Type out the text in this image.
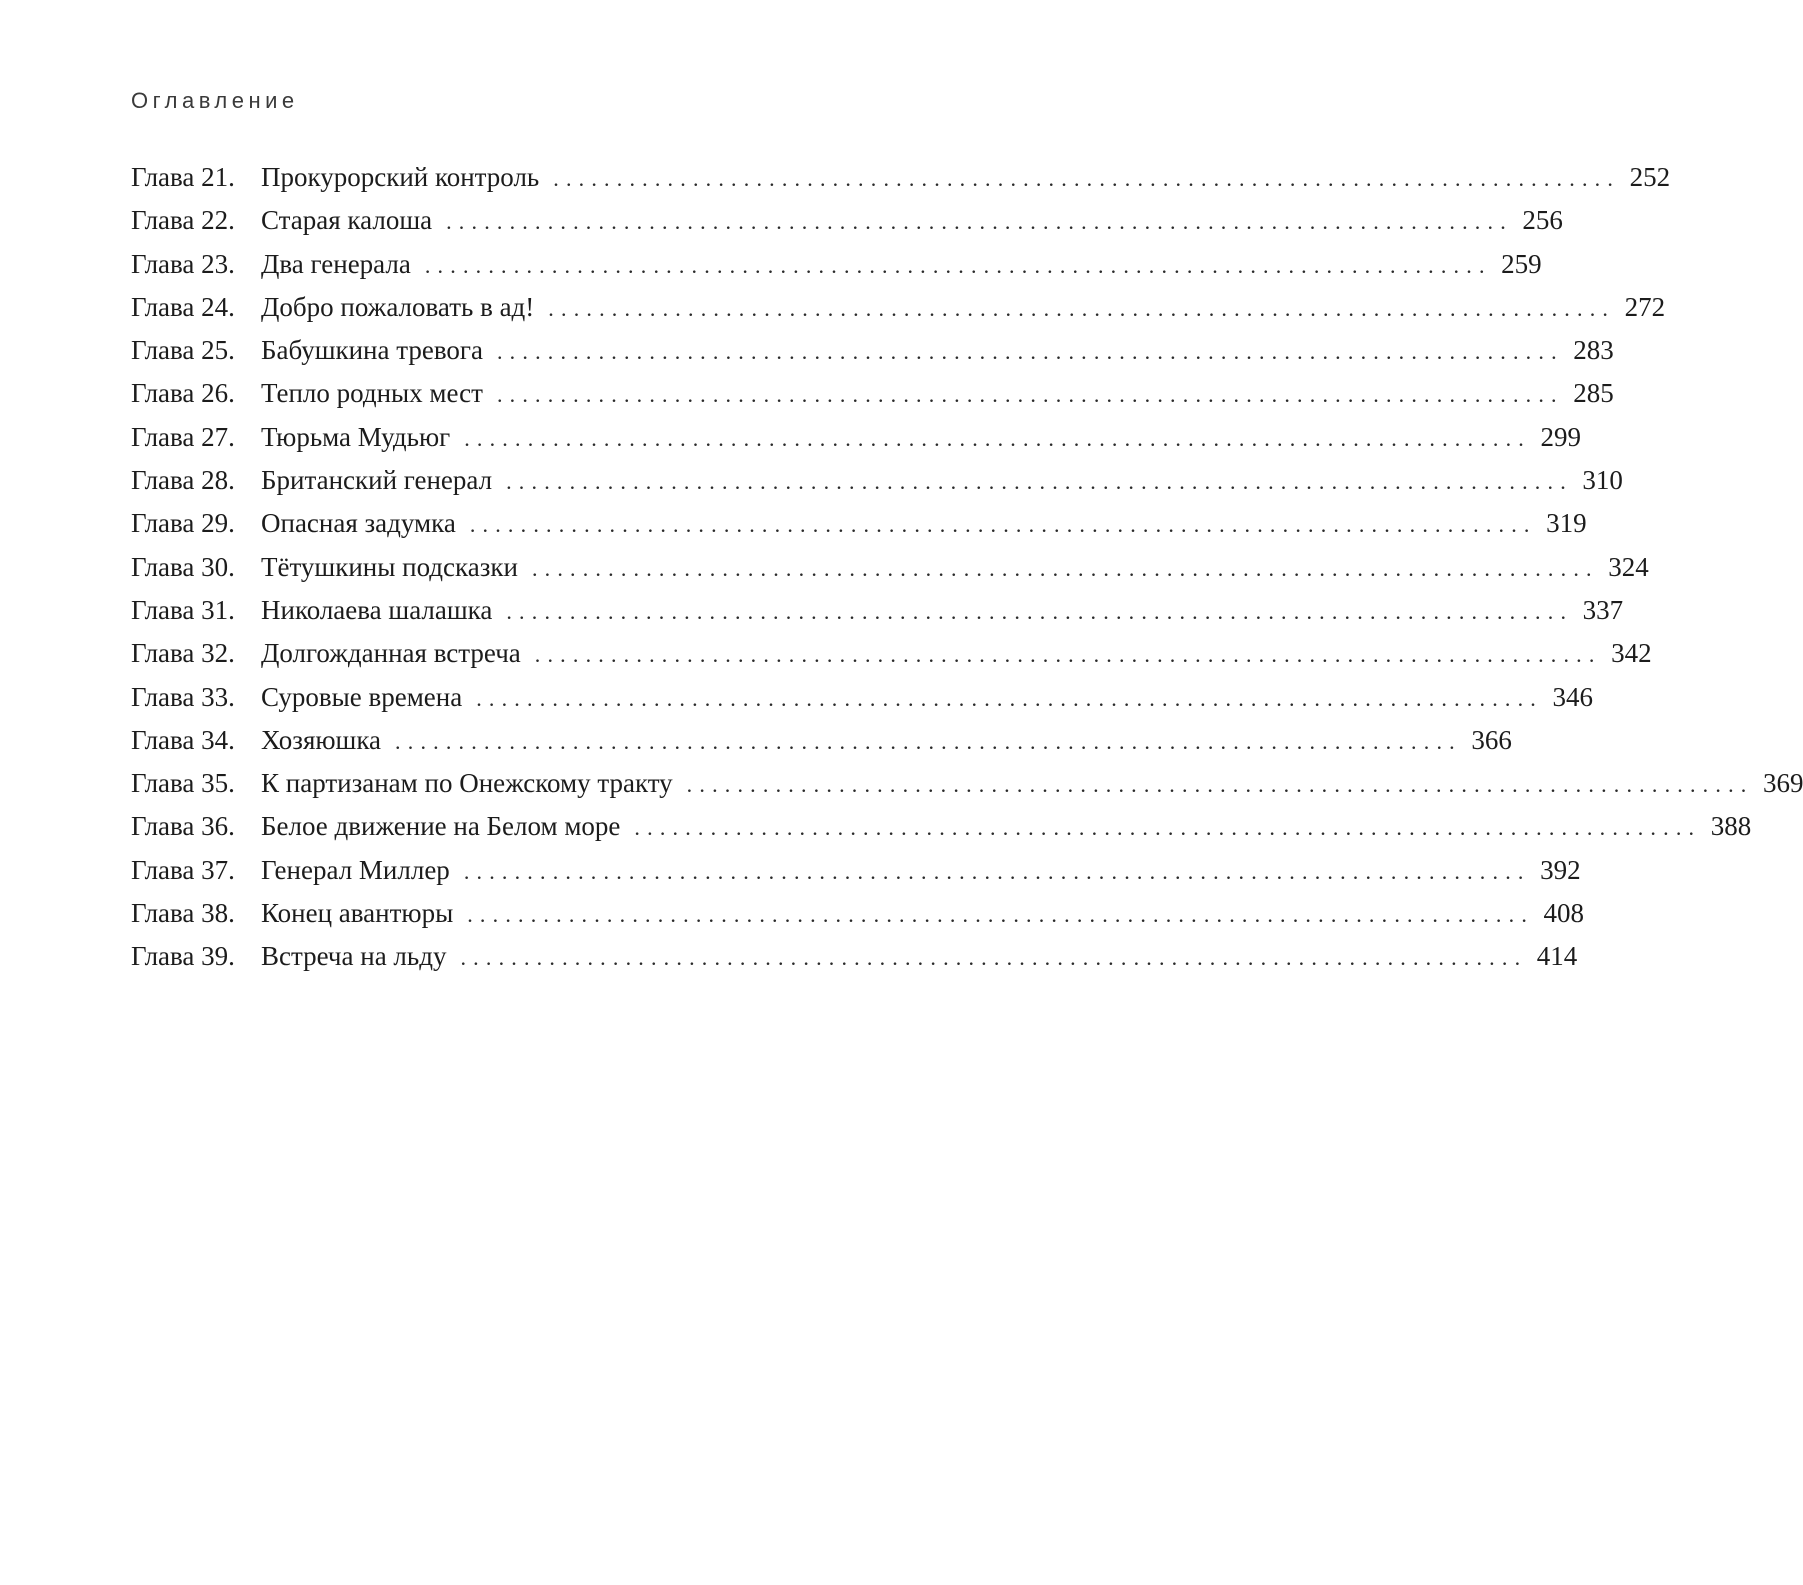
Оглавление
Глава 21. Прокурорский контроль .................................................................................... 252
Глава 22. Старая калоша .................................................................................... 256
Глава 23. Два генерала .................................................................................... 259
Глава 24. Добро пожаловать в ад! .................................................................................... 272
Глава 25. Бабушкина тревога .................................................................................... 283
Глава 26. Тепло родных мест .................................................................................... 285
Глава 27. Тюрьма Мудьюг .................................................................................... 299
Глава 28. Британский генерал .................................................................................... 310
Глава 29. Опасная задумка .................................................................................... 319
Глава 30. Тётушкины подсказки .................................................................................... 324
Глава 31. Николаева шалашка .................................................................................... 337
Глава 32. Долгожданная встреча .................................................................................... 342
Глава 33. Суровые времена .................................................................................... 346
Глава 34. Хозяюшка .................................................................................... 366
Глава 35. К партизанам по Онежскому тракту .................................................................................... 369
Глава 36. Белое движение на Белом море .................................................................................... 388
Глава 37. Генерал Миллер .................................................................................... 392
Глава 38. Конец авантюры .................................................................................... 408
Глава 39. Встреча на льду .................................................................................... 414
